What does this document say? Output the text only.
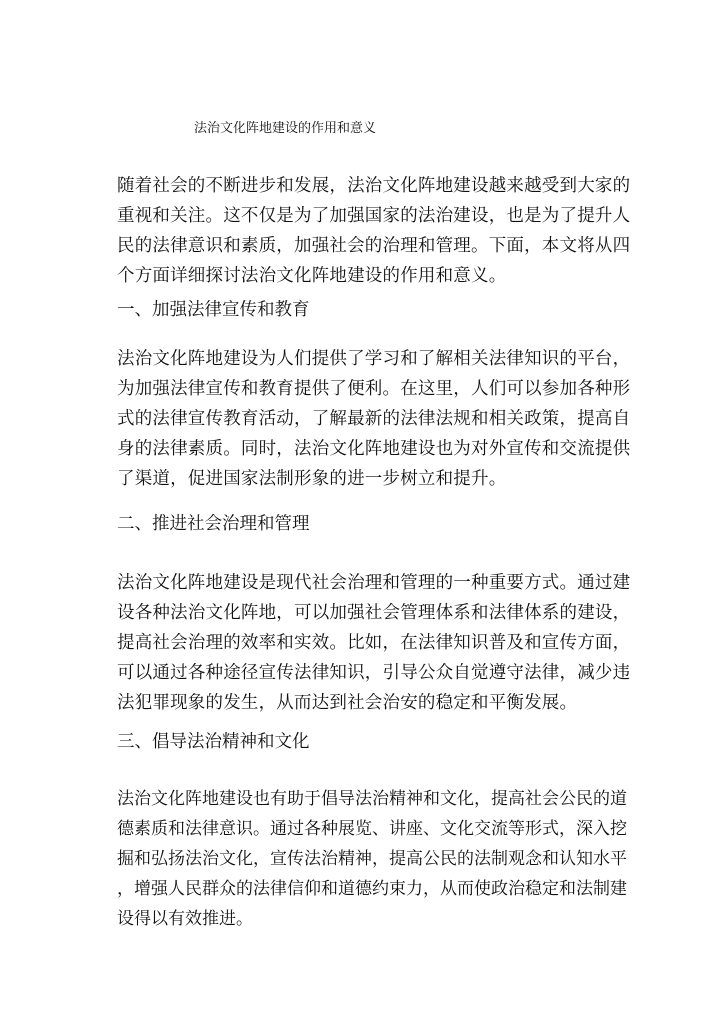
法治文化阵地建设的作用和意义
随着社会的不断进步和发展，法治文化阵地建设越来越受到大家的
重视和关注。这不仅是为了加强国家的法治建设，也是为了提升人
民的法律意识和素质，加强社会的治理和管理。下面，本文将从四
个方面详细探讨法治文化阵地建设的作用和意义。
一、加强法律宣传和教育
法治文化阵地建设为人们提供了学习和了解相关法律知识的平台，
为加强法律宣传和教育提供了便利。在这里，人们可以参加各种形
式的法律宣传教育活动，了解最新的法律法规和相关政策，提高自
身的法律素质。同时，法治文化阵地建设也为对外宣传和交流提供
了渠道，促进国家法制形象的进一步树立和提升。
二、推进社会治理和管理
法治文化阵地建设是现代社会治理和管理的一种重要方式。通过建
设各种法治文化阵地，可以加强社会管理体系和法律体系的建设，
提高社会治理的效率和实效。比如，在法律知识普及和宣传方面，
可以通过各种途径宣传法律知识，引导公众自觉遵守法律，减少违
法犯罪现象的发生，从而达到社会治安的稳定和平衡发展。
三、倡导法治精神和文化
法治文化阵地建设也有助于倡导法治精神和文化，提高社会公民的道
德素质和法律意识。通过各种展览、讲座、文化交流等形式，深入挖
掘和弘扬法治文化，宣传法治精神，提高公民的法制观念和认知水平
，增强人民群众的法律信仰和道德约束力，从而使政治稳定和法制建
设得以有效推进。
